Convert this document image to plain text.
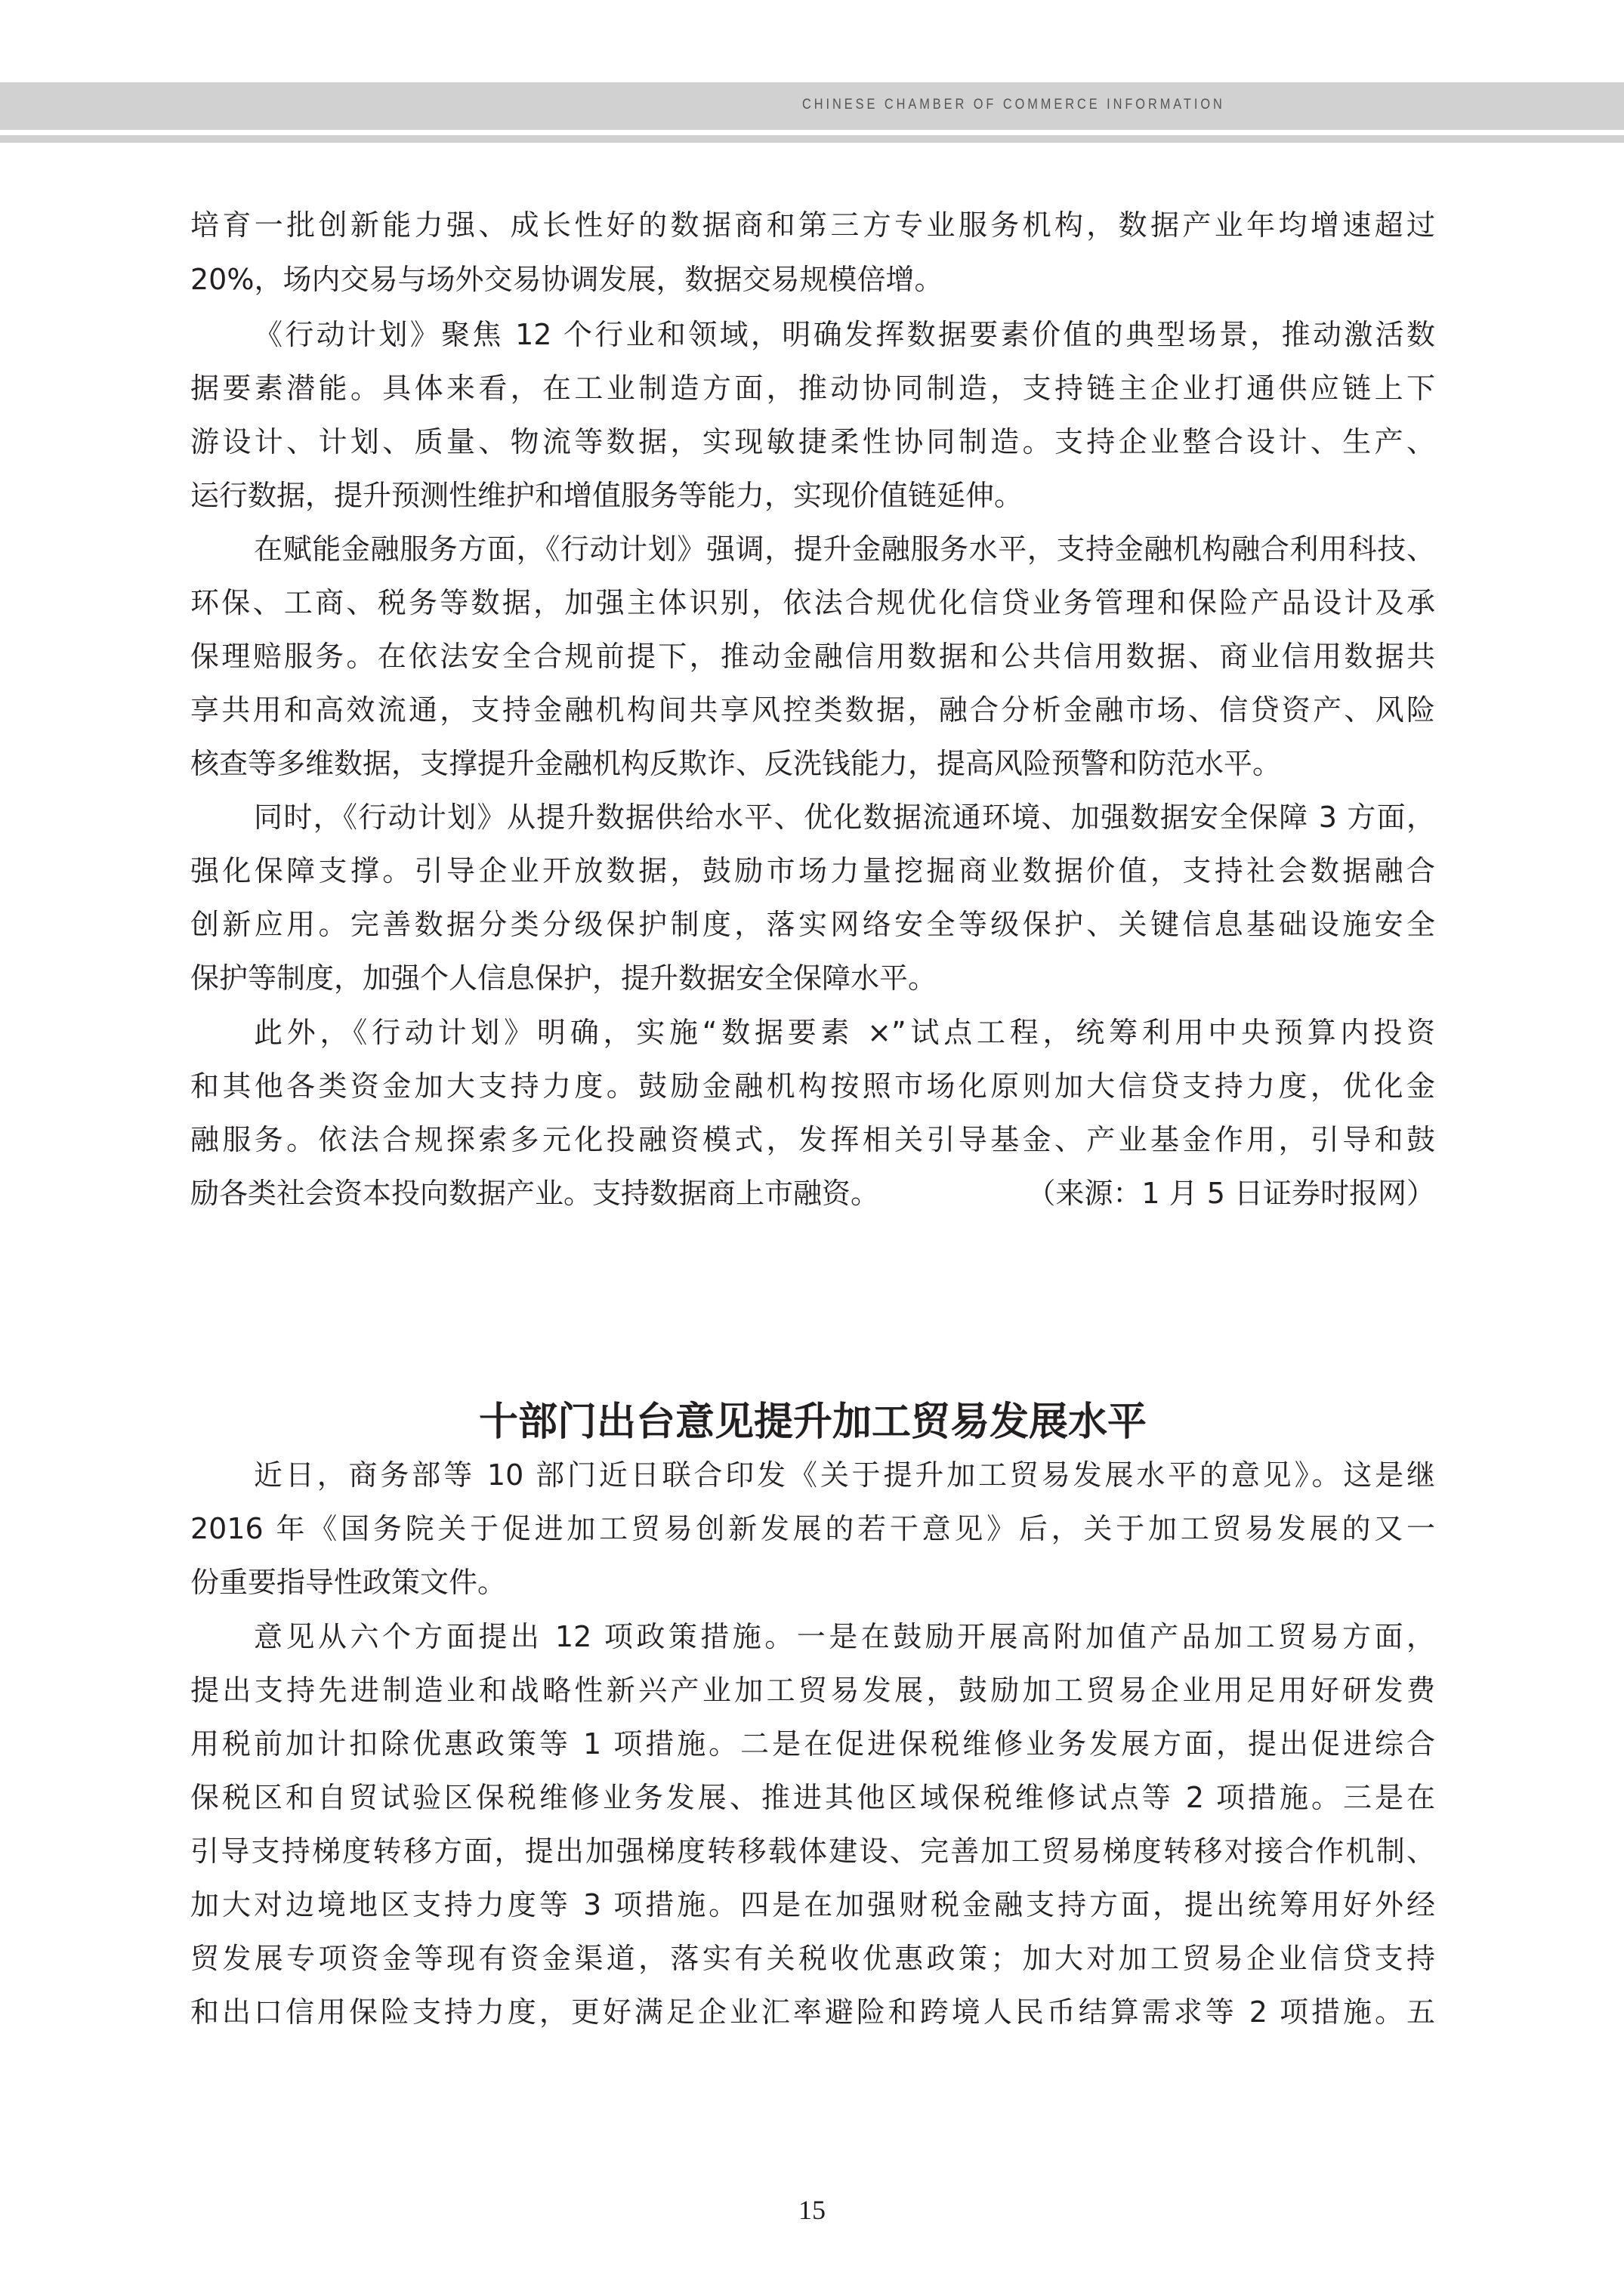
CHINESE CHAMBER OF COMMERCE INFORMATION
培育一批创新能力强、成长性好的数据商和第三方专业服务机构，数据产业年均增速超过
20%，场内交易与场外交易协调发展，数据交易规模倍增。
《行动计划》聚焦 12 个行业和领域，明确发挥数据要素价值的典型场景，推动激活数
据要素潜能。具体来看，在工业制造方面，推动协同制造，支持链主企业打通供应链上下
游设计、计划、质量、物流等数据，实现敏捷柔性协同制造。支持企业整合设计、生产、
运行数据，提升预测性维护和增值服务等能力，实现价值链延伸。
在赋能金融服务方面，《行动计划》强调，提升金融服务水平，支持金融机构融合利用科技、
环保、工商、税务等数据，加强主体识别，依法合规优化信贷业务管理和保险产品设计及承
保理赔服务。在依法安全合规前提下，推动金融信用数据和公共信用数据、商业信用数据共
享共用和高效流通，支持金融机构间共享风控类数据，融合分析金融市场、信贷资产、风险
核查等多维数据，支撑提升金融机构反欺诈、反洗钱能力，提高风险预警和防范水平。
同时，《行动计划》从提升数据供给水平、优化数据流通环境、加强数据安全保障 3 方面，
强化保障支撑。引导企业开放数据，鼓励市场力量挖掘商业数据价值，支持社会数据融合
创新应用。完善数据分类分级保护制度，落实网络安全等级保护、关键信息基础设施安全
保护等制度，加强个人信息保护，提升数据安全保障水平。
此外，《行动计划》明确，实施“数据要素 ×”试点工程，统筹利用中央预算内投资
和其他各类资金加大支持力度。鼓励金融机构按照市场化原则加大信贷支持力度，优化金
融服务。依法合规探索多元化投融资模式，发挥相关引导基金、产业基金作用，引导和鼓
励各类社会资本投向数据产业。支持数据商上市融资。	（来源：1 月 5 日证券时报网）
十部门出台意见提升加工贸易发展水平
近日，商务部等 10 部门近日联合印发《关于提升加工贸易发展水平的意见》。这是继
2016 年《国务院关于促进加工贸易创新发展的若干意见》后，关于加工贸易发展的又一
份重要指导性政策文件。
意见从六个方面提出 12 项政策措施。一是在鼓励开展高附加值产品加工贸易方面，
提出支持先进制造业和战略性新兴产业加工贸易发展，鼓励加工贸易企业用足用好研发费
用税前加计扣除优惠政策等 1 项措施。二是在促进保税维修业务发展方面，提出促进综合
保税区和自贸试验区保税维修业务发展、推进其他区域保税维修试点等 2 项措施。三是在
引导支持梯度转移方面，提出加强梯度转移载体建设、完善加工贸易梯度转移对接合作机制、
加大对边境地区支持力度等 3 项措施。四是在加强财税金融支持方面，提出统筹用好外经
贸发展专项资金等现有资金渠道，落实有关税收优惠政策；加大对加工贸易企业信贷支持
和出口信用保险支持力度，更好满足企业汇率避险和跨境人民币结算需求等 2 项措施。五
15
